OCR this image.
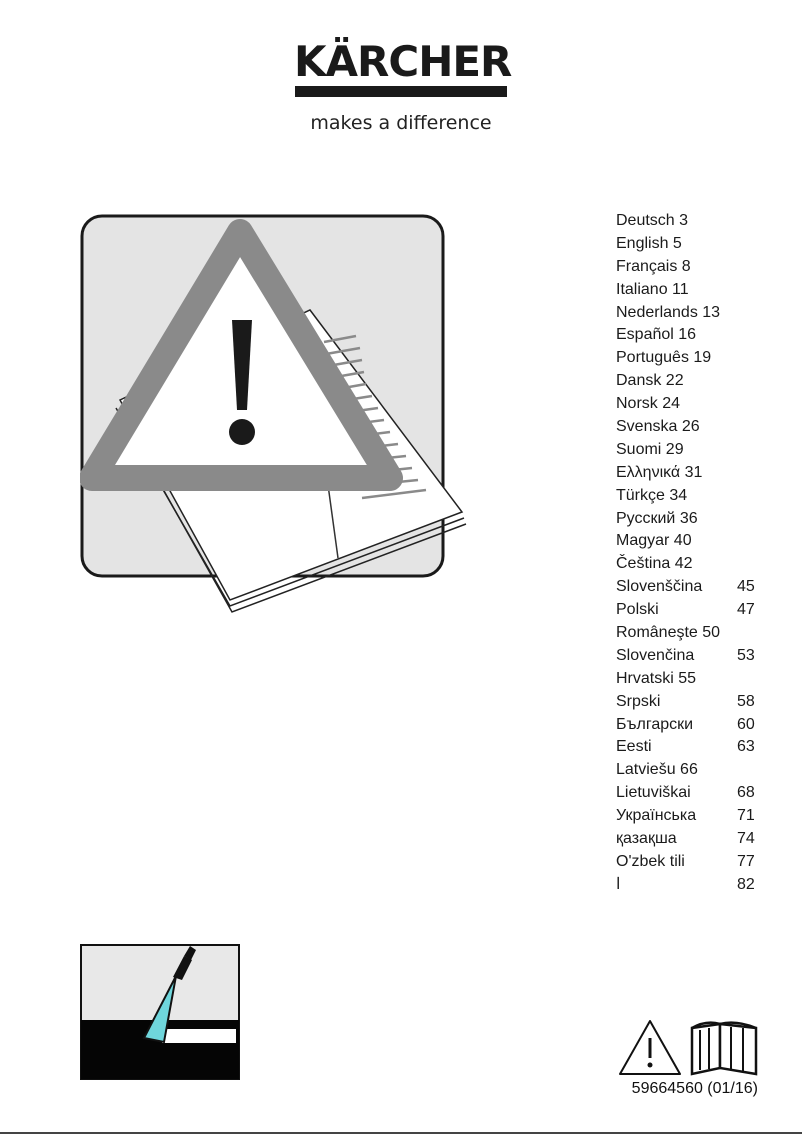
KÄRCHER
makes a difference
Deutsch 3
English 5
Français 8
Italiano 11
Nederlands 13
Español 16
Português 19
Dansk 22
Norsk 24
Svenska 26
Suomi 29
Ελληνικά 31
Türkçe 34
Русский 36
Magyar 40
Čeština 42
Slovenščina 45
Polski	47
Româneşte 50
Slovenčina	53
Hrvatski 55
Srpski	58
Български	60
Eesti	63
Latviešu 66
Lietuviškai	68
Українська	71
қазақша	74
O'zbek tili	77
ا	82
59664560 (01/16)
